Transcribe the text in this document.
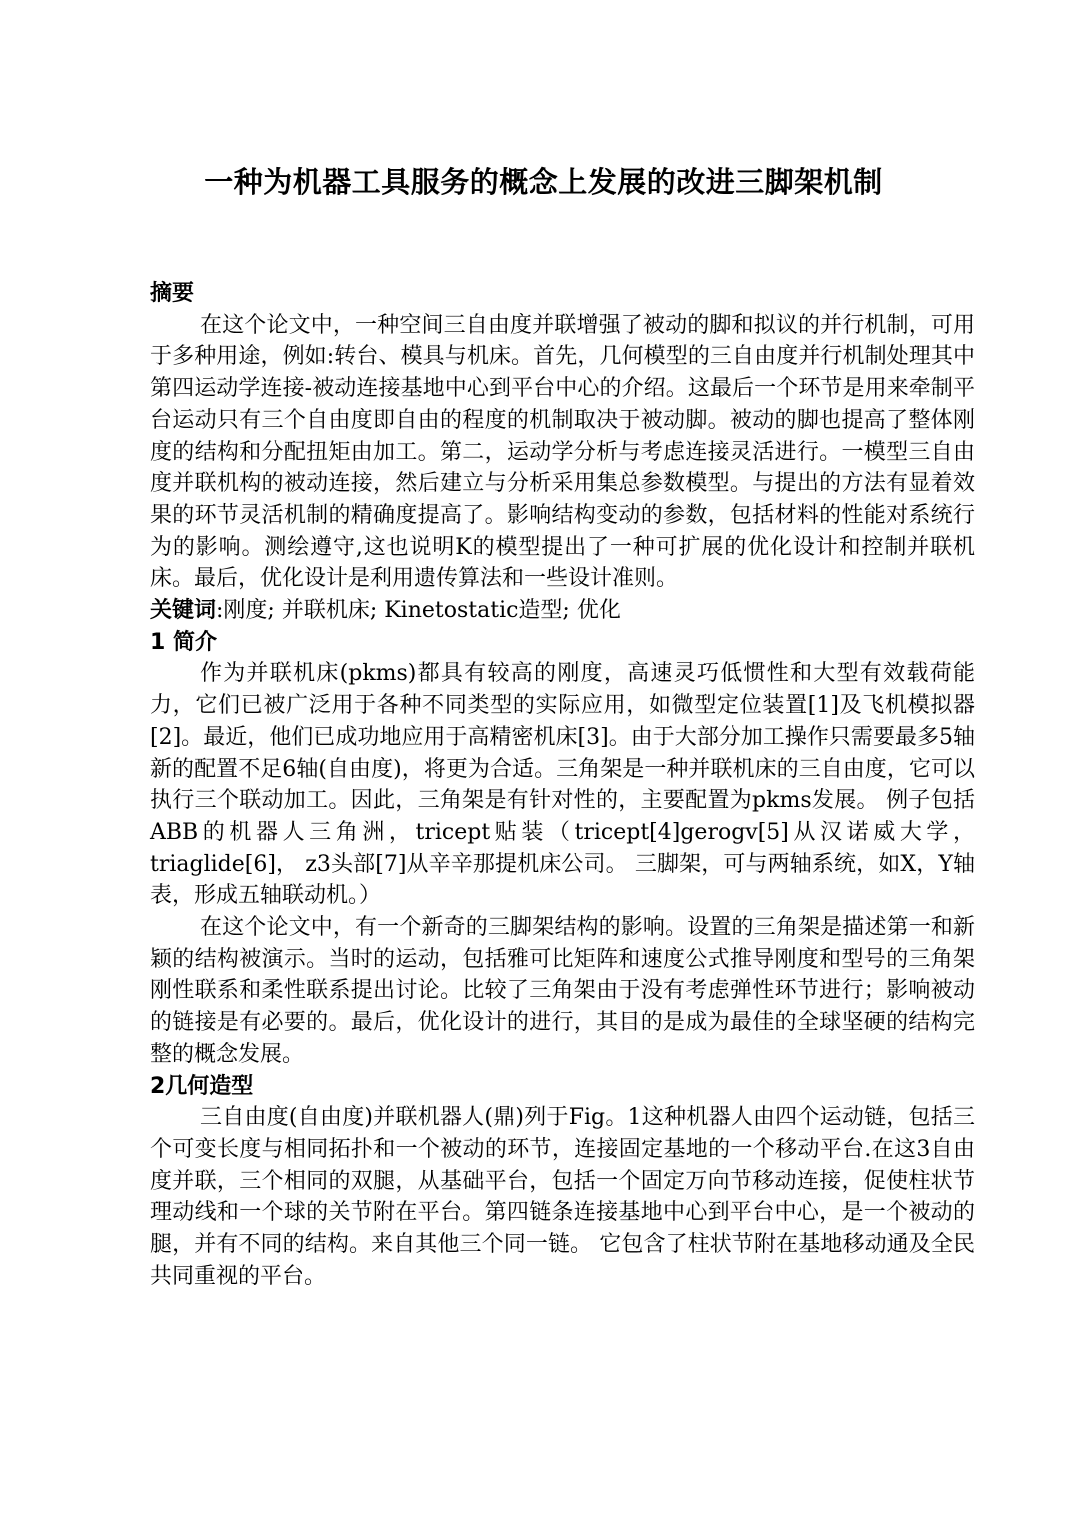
一种为机器工具服务的概念上发展的改进三脚架机制

摘要

在这个论文中，一种空间三自由度并联增强了被动的脚和拟议的并行机制，可用于多种用途，例如:转台、模具与机床。首先，几何模型的三自由度并行机制处理其中第四运动学连接-被动连接基地中心到平台中心的介绍。这最后一个环节是用来牵制平台运动只有三个自由度即自由的程度的机制取决于被动脚。被动的脚也提高了整体刚度的结构和分配扭矩由加工。第二，运动学分析与考虑连接灵活进行。一模型三自由度并联机构的被动连接，然后建立与分析采用集总参数模型。与提出的方法有显着效果的环节灵活机制的精确度提高了。影响结构变动的参数，包括材料的性能对系统行为的影响。测绘遵守,这也说明K的模型提出了一种可扩展的优化设计和控制并联机床。最后，优化设计是利用遗传算法和一些设计准则。

关键词:刚度; 并联机床; Kinetostatic造型; 优化

1 简介

作为并联机床(pkms)都具有较高的刚度，高速灵巧低惯性和大型有效载荷能力，它们已被广泛用于各种不同类型的实际应用，如微型定位装置[1]及飞机模拟器[2]。最近，他们已成功地应用于高精密机床[3]。由于大部分加工操作只需要最多5轴新的配置不足6轴(自由度)，将更为合适。三角架是一种并联机床的三自由度，它可以执行三个联动加工。因此，三角架是有针对性的，主要配置为pkms发展。 例子包括ABB的机器人三角洲，tricept贴装（tricept[4]gerogv[5]从汉诺威大学，triaglide[6]， z3头部[7]从辛辛那提机床公司。 三脚架，可与两轴系统，如X，Y轴表，形成五轴联动机。）

在这个论文中，有一个新奇的三脚架结构的影响。设置的三角架是描述第一和新颖的结构被演示。当时的运动，包括雅可比矩阵和速度公式推导刚度和型号的三角架刚性联系和柔性联系提出讨论。比较了三角架由于没有考虑弹性环节进行；影响被动的链接是有必要的。最后，优化设计的进行，其目的是成为最佳的全球坚硬的结构完整的概念发展。

2几何造型

三自由度(自由度)并联机器人(鼎)列于Fig。1这种机器人由四个运动链，包括三个可变长度与相同拓扑和一个被动的环节，连接固定基地的一个移动平台.在这3自由度并联，三个相同的双腿，从基础平台，包括一个固定万向节移动连接，促使柱状节理动线和一个球的关节附在平台。第四链条连接基地中心到平台中心，是一个被动的腿，并有不同的结构。来自其他三个同一链。 它包含了柱状节附在基地移动通及全民共同重视的平台。
